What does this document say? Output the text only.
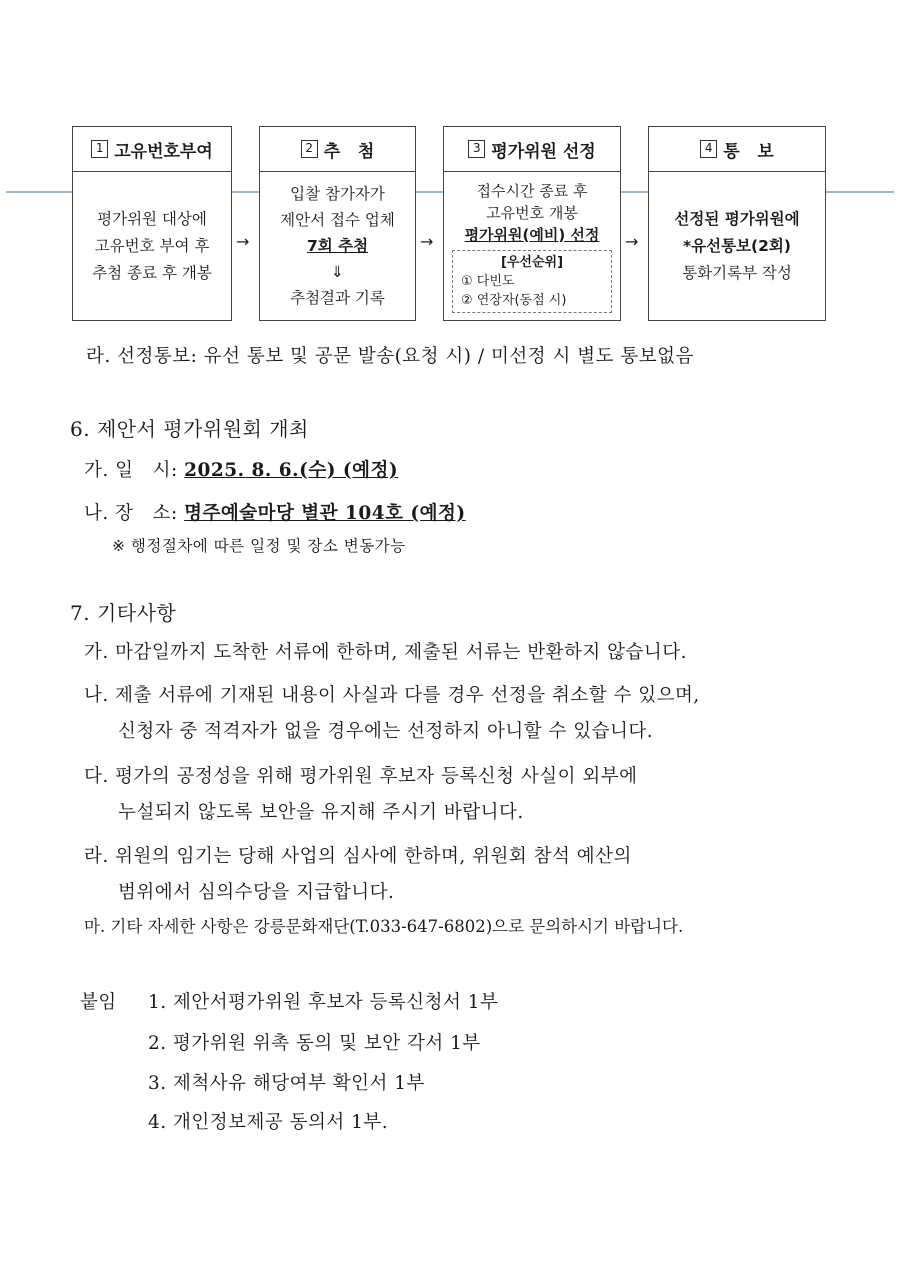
1 고유번호부여
평가위원 대상에
고유번호 부여 후
추첨 종료 후 개봉
→
2 추   첨
입찰 참가자가
제안서 접수 업체
7회 추첨
⇓
추첨결과 기록
→
3 평가위원 선정
접수시간 종료 후
고유번호 개봉
평가위원(예비) 선정
[우선순위]
① 다빈도
② 연장자(동점 시)
→
4 통   보
선정된 평가위원에
*유선통보(2회)
통화기록부 작성
라. 선정통보: 유선 통보 및 공문 발송(요청 시) / 미선정 시 별도 통보없음
6. 제안서 평가위원회 개최
가. 일   시: 2025. 8. 6.(수) (예정)
나. 장   소: 명주예술마당 별관 104호 (예정)
※ 행정절차에 따른 일정 및 장소 변동가능
7. 기타사항
가. 마감일까지 도착한 서류에 한하며, 제출된 서류는 반환하지 않습니다.
나. 제출 서류에 기재된 내용이 사실과 다를 경우 선정을 취소할 수 있으며,
신청자 중 적격자가 없을 경우에는 선정하지 아니할 수 있습니다.
다. 평가의 공정성을 위해 평가위원 후보자 등록신청 사실이 외부에
누설되지 않도록 보안을 유지해 주시기 바랍니다.
라. 위원의 임기는 당해 사업의 심사에 한하며, 위원회 참석 예산의
범위에서 심의수당을 지급합니다.
마. 기타 자세한 사항은 강릉문화재단(T.033-647-6802)으로 문의하시기 바랍니다.
붙임 1. 제안서평가위원 후보자 등록신청서 1부
2. 평가위원 위촉 동의 및 보안 각서 1부
3. 제척사유 해당여부 확인서 1부
4. 개인정보제공 동의서 1부.
